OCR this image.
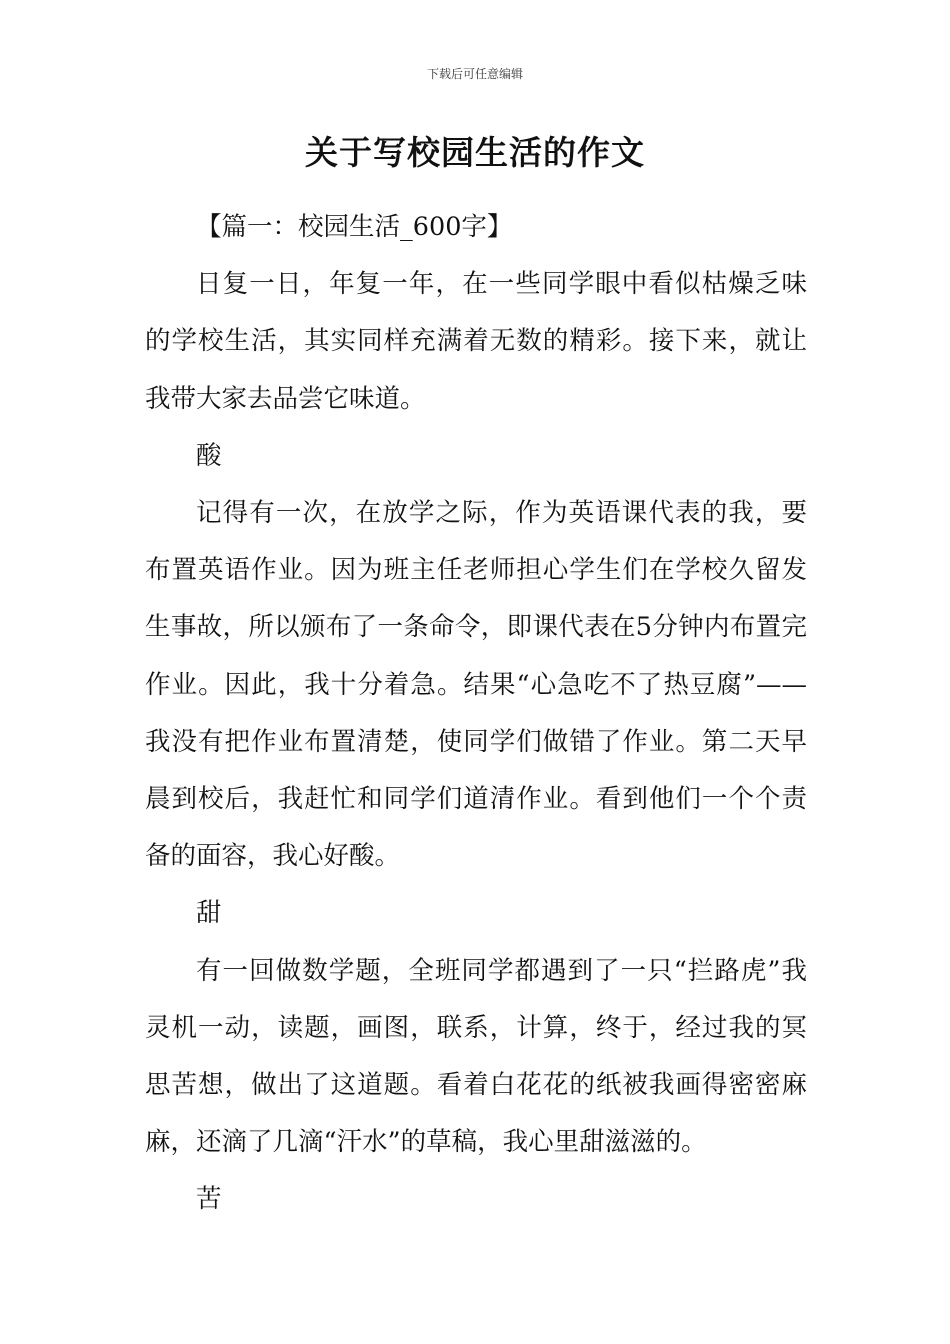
下载后可任意编辑
关于写校园生活的作文

【篇一：校园生活_600字】

日复一日，年复一年，在一些同学眼中看似枯燥乏味的学校生活，其实同样充满着无数的精彩。接下来，就让我带大家去品尝它味道。

酸

记得有一次，在放学之际，作为英语课代表的我，要布置英语作业。因为班主任老师担心学生们在学校久留发生事故，所以颁布了一条命令，即课代表在5分钟内布置完作业。因此，我十分着急。结果“心急吃不了热豆腐”——我没有把作业布置清楚，使同学们做错了作业。第二天早晨到校后，我赶忙和同学们道清作业。看到他们一个个责备的面容，我心好酸。

甜

有一回做数学题，全班同学都遇到了一只“拦路虎”我灵机一动，读题，画图，联系，计算，终于，经过我的冥思苦想，做出了这道题。看着白花花的纸被我画得密密麻麻，还滴了几滴“汗水”的草稿，我心里甜滋滋的。

苦
